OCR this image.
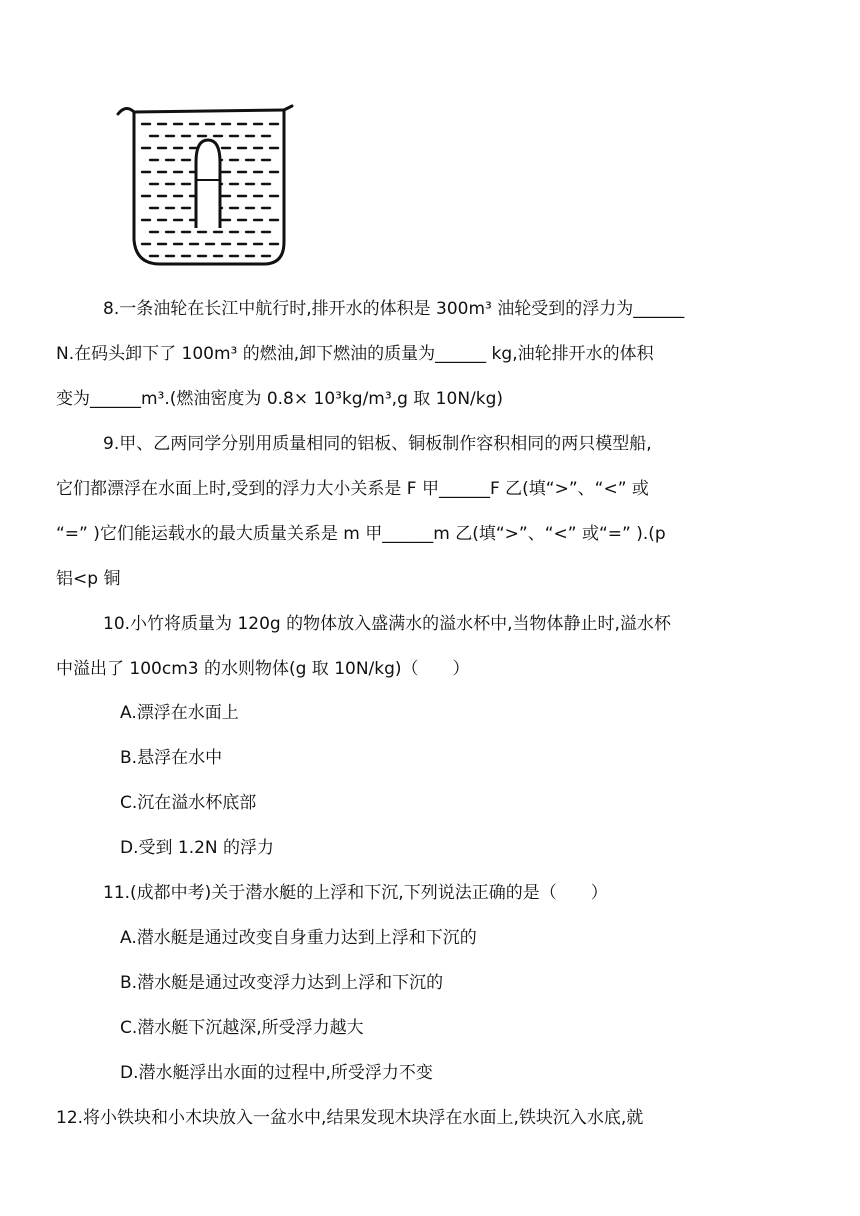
8.一条油轮在长江中航行时,排开水的体积是 300m³ 油轮受到的浮力为______
N.在码头卸下了 100m³ 的燃油,卸下燃油的质量为______ kg,油轮排开水的体积
变为______m³.(燃油密度为 0.8× 10³kg/m³,g 取 10N/kg)
9.甲、乙两同学分别用质量相同的铝板、铜板制作容积相同的两只模型船,
它们都漂浮在水面上时,受到的浮力大小关系是 F 甲______F 乙(填“>”、“<” 或
“=” )它们能运载水的最大质量关系是 m 甲______m 乙(填“>”、“<” 或“=” ).(p
铝<p 铜
10.小竹将质量为 120g 的物体放入盛满水的溢水杯中,当物体静止时,溢水杯
中溢出了 100cm3 的水则物体(g 取 10N/kg)（　　）
A.漂浮在水面上
B.悬浮在水中
C.沉在溢水杯底部
D.受到 1.2N 的浮力
11.(成都中考)关于潜水艇的上浮和下沉,下列说法正确的是（　　）
A.潜水艇是通过改变自身重力达到上浮和下沉的
B.潜水艇是通过改变浮力达到上浮和下沉的
C.潜水艇下沉越深,所受浮力越大
D.潜水艇浮出水面的过程中,所受浮力不变
12.将小铁块和小木块放入一盆水中,结果发现木块浮在水面上,铁块沉入水底,就
